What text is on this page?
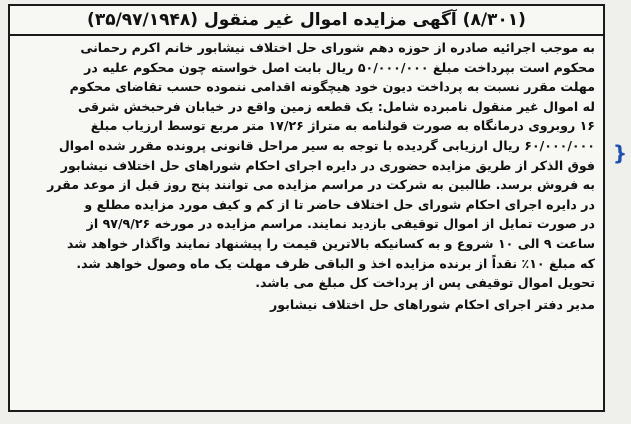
(۸/۳۰۱) آگهی مزایده اموال غیر منقول (۳۵/۹۷/۱۹۴۸)

به موجب اجرائیه صادره از حوزه دهم شورای حل اختلاف نیشابور خانم اکرم رحمانی

محکوم است بپرداخت مبلغ ۵۰/۰۰۰/۰۰۰ ریال بابت اصل خواسته چون محکوم علیه در

مهلت مقرر نسبت به پرداخت دیون خود هیچگونه اقدامی ننموده حسب تقاضای محکوم

له اموال غیر منقول نامبرده شامل: یک قطعه زمین واقع در خیابان فرحبخش شرقی

۱۶ روبروی درمانگاه به صورت قولنامه به متراژ ۱۷/۲۶ متر مربع توسط ارزیاب مبلغ

۶۰/۰۰۰/۰۰۰ ریال ارزیابی گردیده با توجه به سیر مراحل قانونی پرونده مقرر شده اموال

فوق الذکر از طریق مزایده حضوری در دایره اجرای احکام شوراهای حل اختلاف نیشابور

به فروش برسد. طالبین به شرکت در مراسم مزایده می توانند پنج روز قبل از موعد مقرر

در دایره اجرای احکام شورای حل اختلاف حاضر تا از کم و کیف مورد مزایده مطلع و

در صورت تمایل از اموال توقیفی بازدید نمایند. مراسم مزایده در مورخه ۹۷/۹/۲۶ از

ساعت ۹ الی ۱۰ شروع و به کسانیکه بالاترین قیمت را پیشنهاد نمایند واگذار خواهد شد

که مبلغ ۱۰٪ نقداً از برنده مزایده اخذ و الباقی ظرف مهلت یک ماه وصول خواهد شد.

تحویل اموال توقیفی پس از پرداخت کل مبلغ می باشد.

مدیر دفتر اجرای احکام شوراهای حل اختلاف نیشابور
{
